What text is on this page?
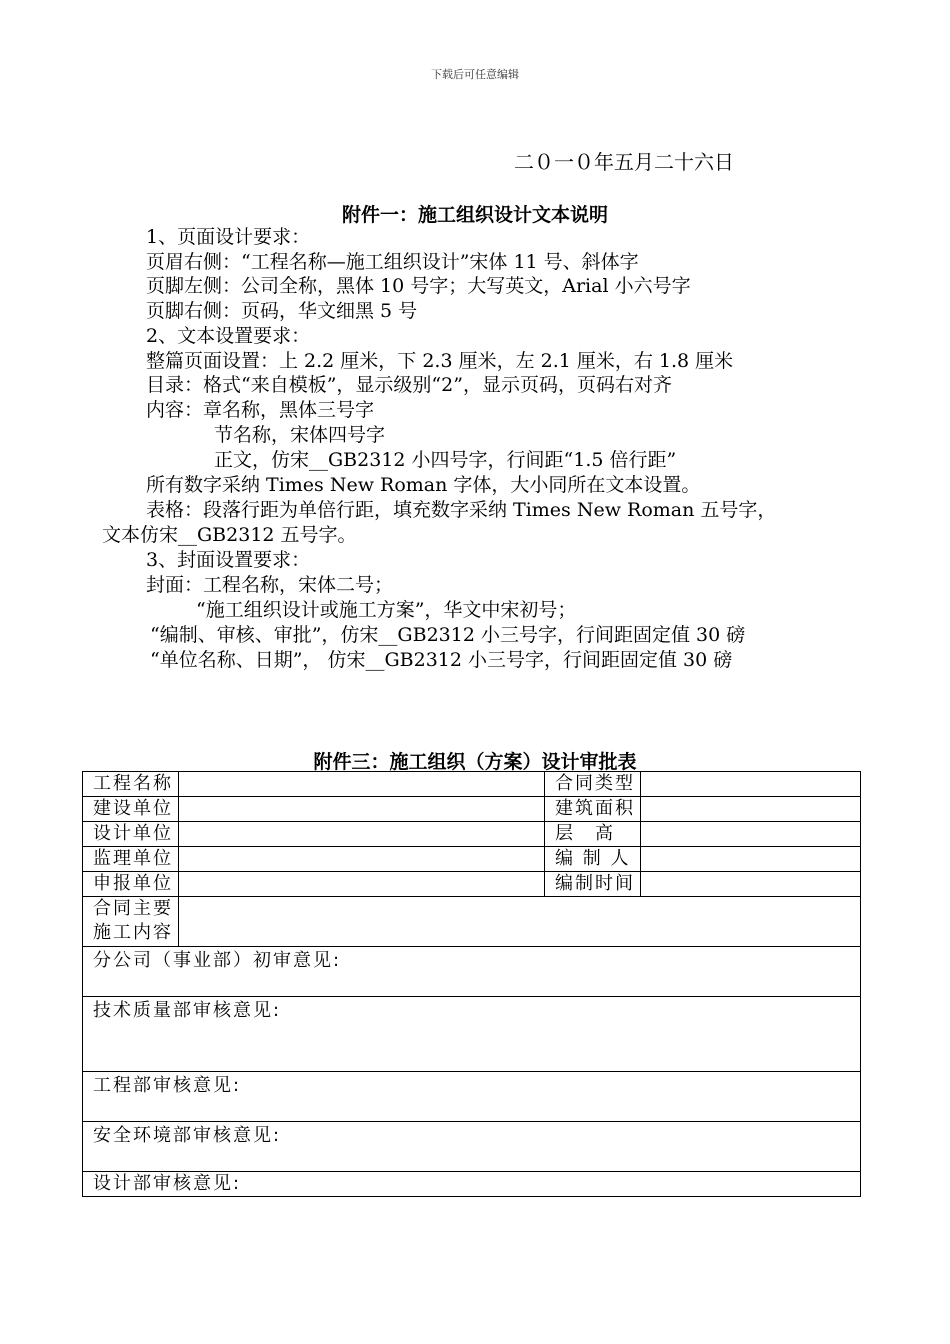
下载后可任意编辑
二０一０年五月二十六日
附件一：施工组织设计文本说明
1、页面设计要求：
页眉右侧：“工程名称—施工组织设计”宋体 11 号、斜体字
页脚左侧：公司全称，黑体 10 号字；大写英文，Arial 小六号字
页脚右侧：页码，华文细黑 5 号
2、文本设置要求：
整篇页面设置：上 2.2 厘米，下 2.3 厘米，左 2.1 厘米，右 1.8 厘米
目录：格式“来自模板”，显示级别“2”，显示页码，页码右对齐
内容：章名称，黑体三号字
节名称，宋体四号字
正文，仿宋__GB2312 小四号字，行间距“1.5 倍行距”
所有数字采纳 Times New Roman 字体，大小同所在文本设置。
表格：段落行距为单倍行距，填充数字采纳 Times New Roman 五号字，
文本仿宋__GB2312 五号字。
3、封面设置要求：
封面：工程名称，宋体二号；
“施工组织设计或施工方案”，华文中宋初号；
“编制、审核、审批”，仿宋__GB2312 小三号字，行间距固定值 30 磅
“单位名称、日期”， 仿宋__GB2312 小三号字，行间距固定值 30 磅
附件三：施工组织（方案）设计审批表
工程名称		合同类型	
建设单位		建筑面积	
设计单位		层　高	
监理单位		编 制 人	
申报单位		编制时间	

合同主要
施工内容			

分公司（事业部）初审意见:			
技术质量部审核意见:			
工程部审核意见:			
安全环境部审核意见:			
设计部审核意见:			
